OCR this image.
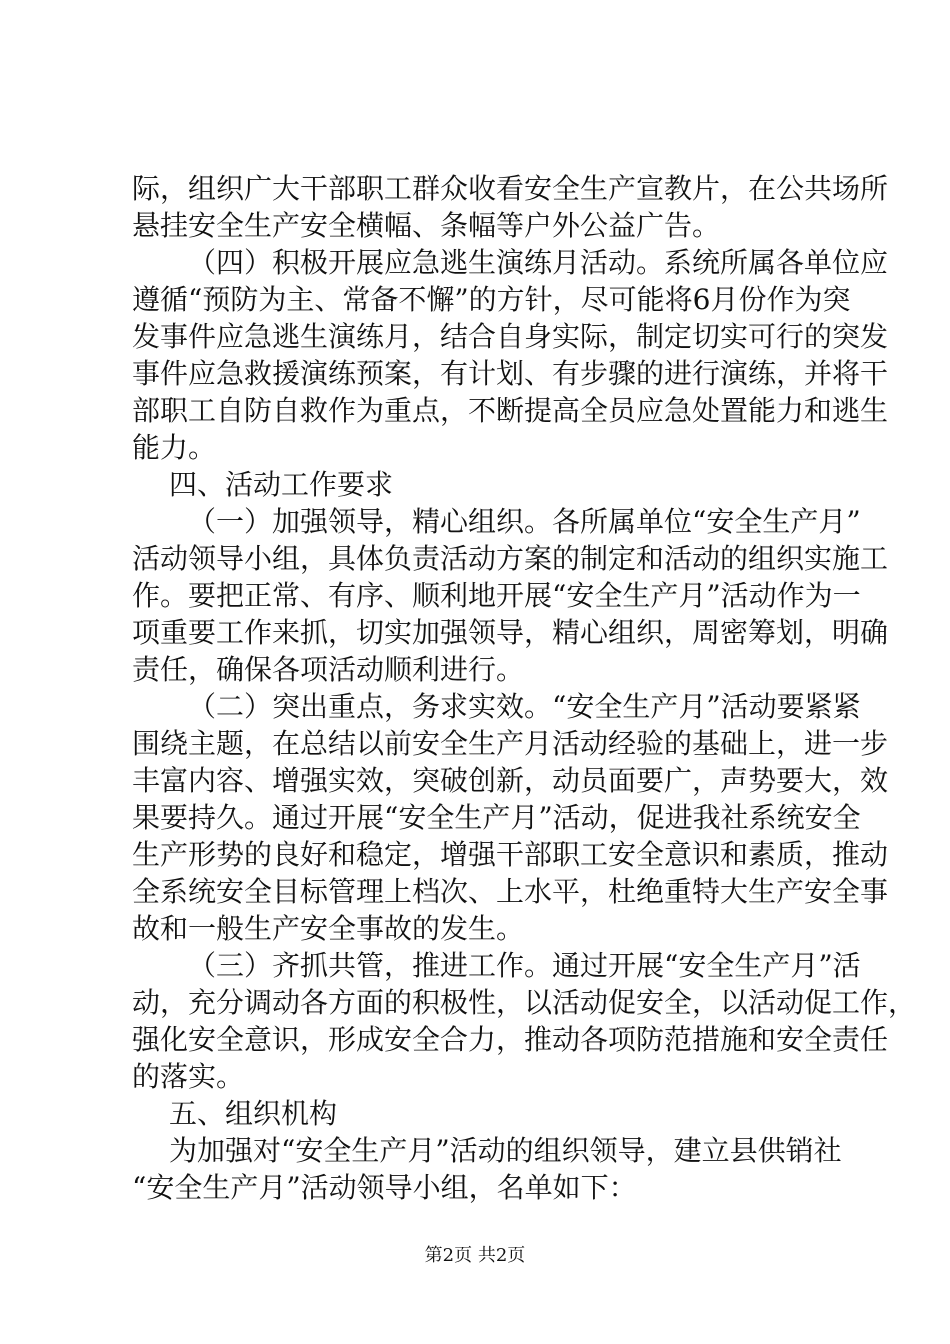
际，组织广大干部职工群众收看安全生产宣教片，在公共场所
悬挂安全生产安全横幅、条幅等户外公益广告。
（四）积极开展应急逃生演练月活动。系统所属各单位应
遵循“预防为主、常备不懈”的方针，尽可能将6月份作为突
发事件应急逃生演练月，结合自身实际，制定切实可行的突发
事件应急救援演练预案，有计划、有步骤的进行演练，并将干
部职工自防自救作为重点，不断提高全员应急处置能力和逃生
能力。
四、活动工作要求
（一）加强领导，精心组织。各所属单位“安全生产月”
活动领导小组，具体负责活动方案的制定和活动的组织实施工
作。要把正常、有序、顺利地开展“安全生产月”活动作为一
项重要工作来抓，切实加强领导，精心组织，周密筹划，明确
责任，确保各项活动顺利进行。
（二）突出重点，务求实效。“安全生产月”活动要紧紧
围绕主题，在总结以前安全生产月活动经验的基础上，进一步
丰富内容、增强实效，突破创新，动员面要广，声势要大，效
果要持久。通过开展“安全生产月”活动，促进我社系统安全
生产形势的良好和稳定，增强干部职工安全意识和素质，推动
全系统安全目标管理上档次、上水平，杜绝重特大生产安全事
故和一般生产安全事故的发生。
（三）齐抓共管，推进工作。通过开展“安全生产月”活
动，充分调动各方面的积极性，以活动促安全，以活动促工作，
强化安全意识，形成安全合力，推动各项防范措施和安全责任
的落实。
五、组织机构
为加强对“安全生产月”活动的组织领导，建立县供销社
“安全生产月”活动领导小组，名单如下：
第2页 共2页
